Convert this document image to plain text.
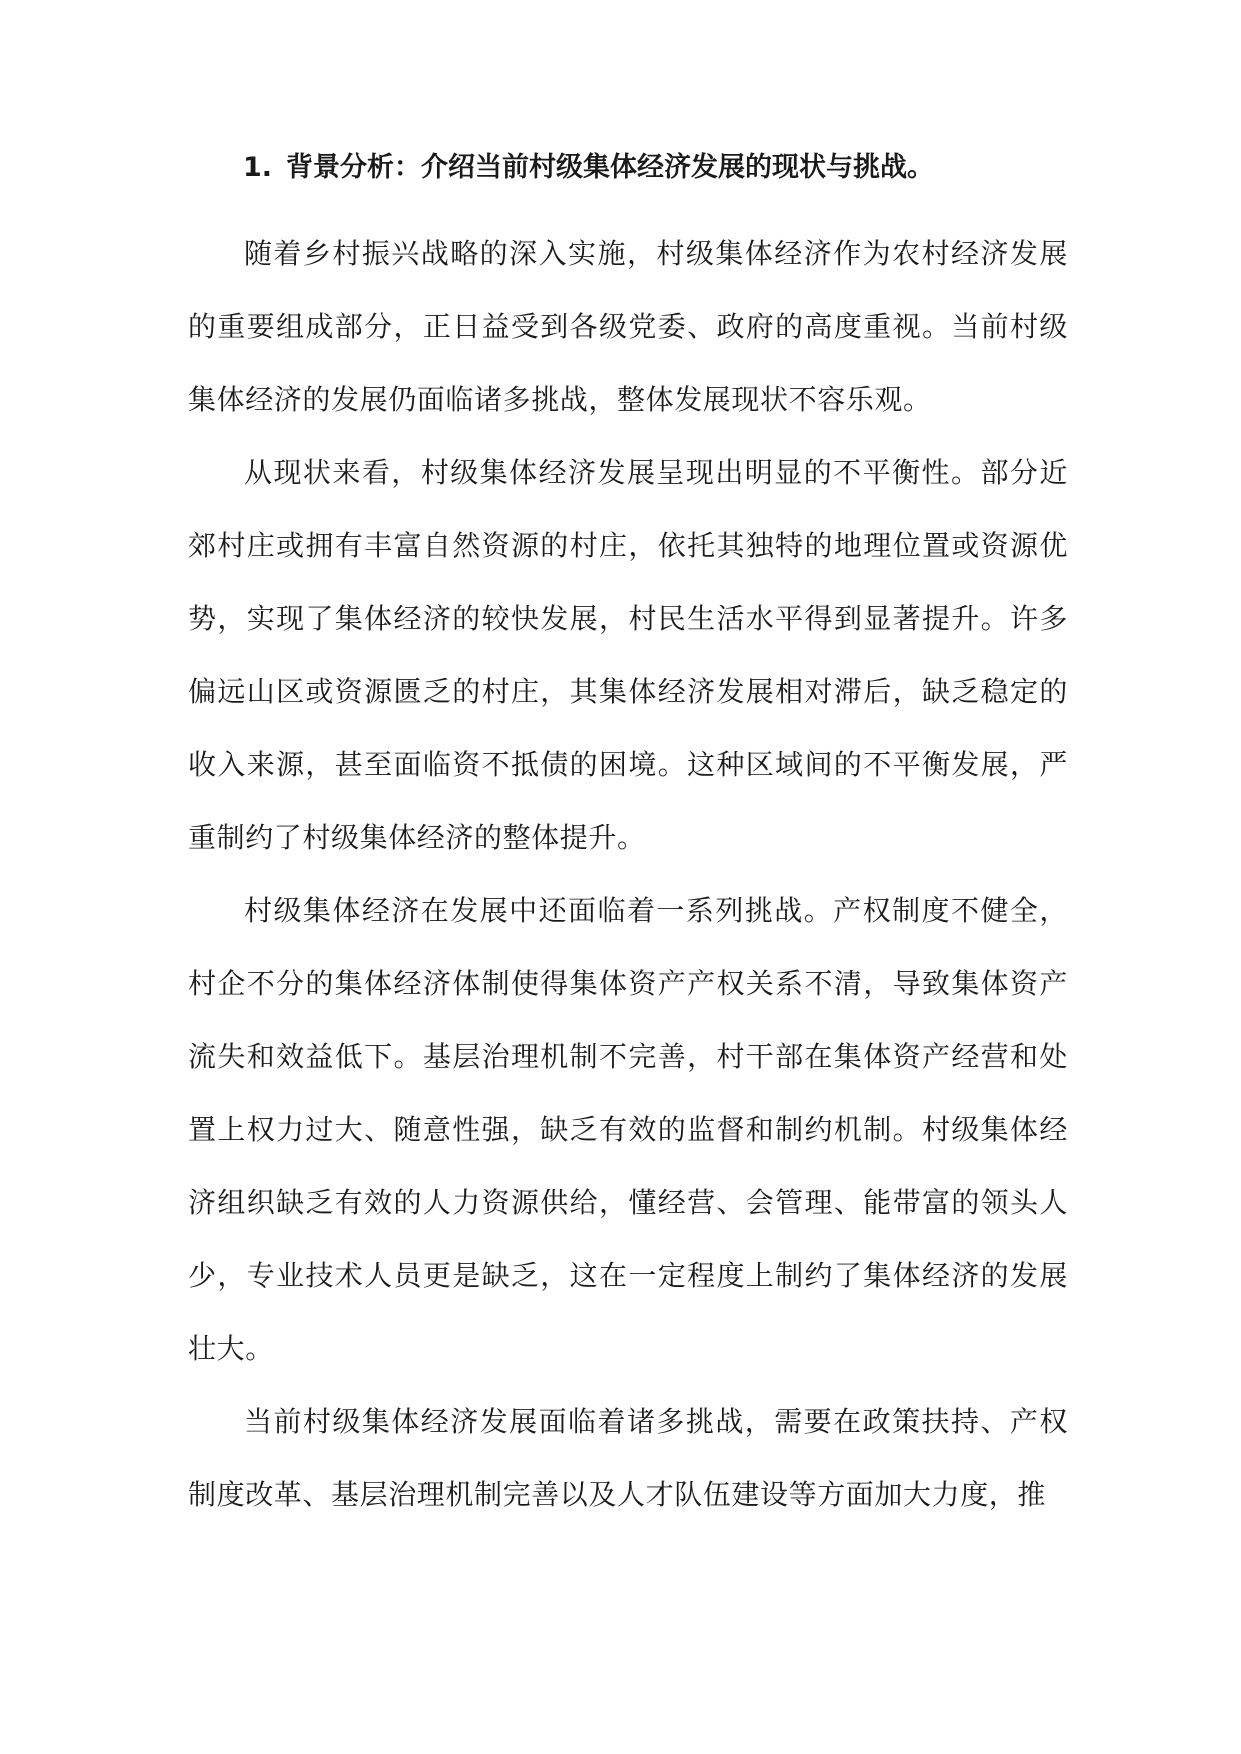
1. 背景分析：介绍当前村级集体经济发展的现状与挑战。

随着乡村振兴战略的深入实施，村级集体经济作为农村经济发展的重要组成部分，正日益受到各级党委、政府的高度重视。当前村级集体经济的发展仍面临诸多挑战，整体发展现状不容乐观。

从现状来看，村级集体经济发展呈现出明显的不平衡性。部分近郊村庄或拥有丰富自然资源的村庄，依托其独特的地理位置或资源优势，实现了集体经济的较快发展，村民生活水平得到显著提升。许多偏远山区或资源匮乏的村庄，其集体经济发展相对滞后，缺乏稳定的收入来源，甚至面临资不抵债的困境。这种区域间的不平衡发展，严重制约了村级集体经济的整体提升。

村级集体经济在发展中还面临着一系列挑战。产权制度不健全，村企不分的集体经济体制使得集体资产产权关系不清，导致集体资产流失和效益低下。基层治理机制不完善，村干部在集体资产经营和处置上权力过大、随意性强，缺乏有效的监督和制约机制。村级集体经济组织缺乏有效的人力资源供给，懂经营、会管理、能带富的领头人少，专业技术人员更是缺乏，这在一定程度上制约了集体经济的发展壮大。

当前村级集体经济发展面临着诸多挑战，需要在政策扶持、产权制度改革、基层治理机制完善以及人才队伍建设等方面加大力度，推
